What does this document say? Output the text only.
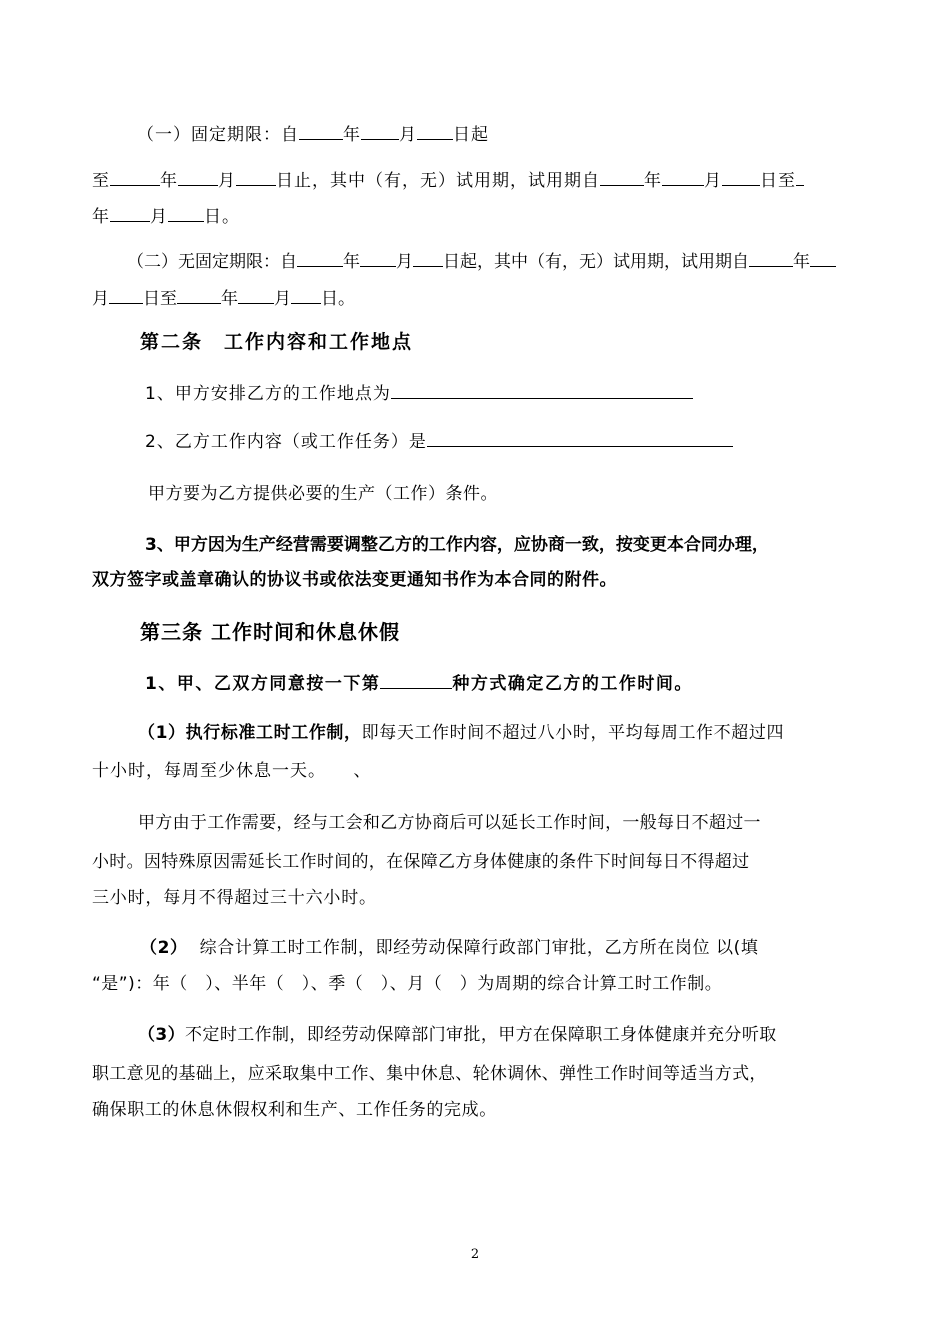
（一）固定期限：自	年 月 日起
至	年 月 日止，其中（有，无）试用期，试用期自	年 月 日至
年 月 日。
（二）无固定期限：自	年 月 日起，其中（有，无）试用期，试用期自	年
月 日至	年 月 日。
第二条　工作内容和工作地点
1、甲方安排乙方的工作地点为
2、乙方工作内容（或工作任务）是
甲方要为乙方提供必要的生产（工作）条件。
3、甲方因为生产经营需要调整乙方的工作内容，应协商一致，按变更本合同办理，
双方签字或盖章确认的协议书或依法变更通知书作为本合同的附件。
第三条 工作时间和休息休假
1、甲、乙双方同意按一下第	种方式确定乙方的工作时间。
（1）执行标准工时工作制，即每天工作时间不超过八小时，平均每周工作不超过四
十小时，每周至少休息一天。　　、
甲方由于工作需要，经与工会和乙方协商后可以延长工作时间，一般每日不超过一
小时。因特殊原因需延长工作时间的，在保障乙方身体健康的条件下时间每日不得超过
三小时，每月不得超过三十六小时。
（2） 综合计算工时工作制，即经劳动保障行政部门审批，乙方所在岗位 以(填
“是”)：年（　）、半年（　）、季（　）、月（　）为周期的综合计算工时工作制。
（3）不定时工作制，即经劳动保障部门审批，甲方在保障职工身体健康并充分听取
职工意见的基础上，应采取集中工作、集中休息、轮休调休、弹性工作时间等适当方式，
确保职工的休息休假权利和生产、工作任务的完成。
2
